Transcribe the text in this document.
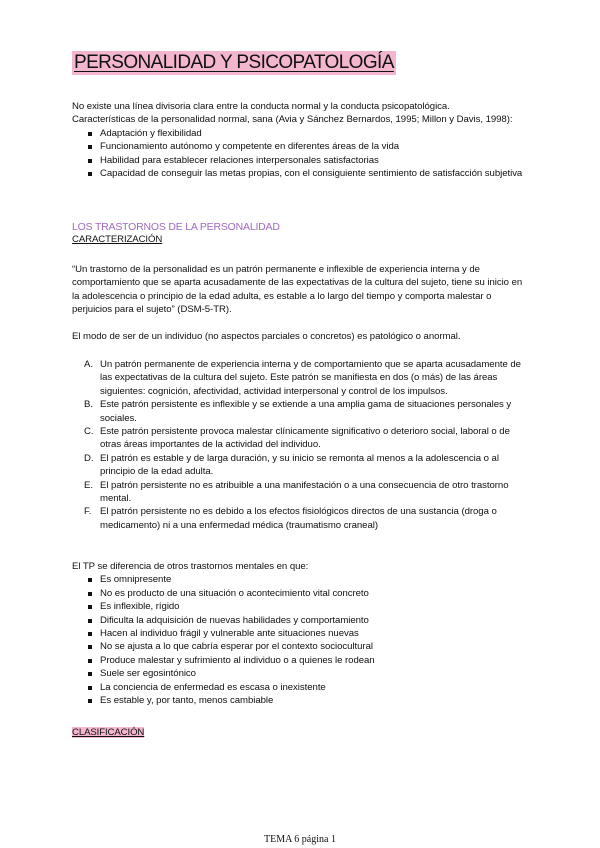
PERSONALIDAD Y PSICOPATOLOGÍA

No existe una línea divisoria clara entre la conducta normal y la conducta psicopatológica.

Características de la personalidad normal, sana (Avia y Sánchez Bernardos, 1995; Millon y Davis, 1998):

Adaptación y flexibilidad
Funcionamiento autónomo y competente en diferentes áreas de la vida
Habilidad para establecer relaciones interpersonales satisfactorias
Capacidad de conseguir las metas propias, con el consiguiente sentimiento de satisfacción subjetiva
LOS TRASTORNOS DE LA PERSONALIDAD
CARACTERIZACIÓN

“Un trastorno de la personalidad es un patrón permanente e inflexible de experiencia interna y de comportamiento que se aparta acusadamente de las expectativas de la cultura del sujeto, tiene su inicio en la adolescencia o principio de la edad adulta, es estable a lo largo del tiempo y comporta malestar o perjuicios para el sujeto” (DSM-5-TR).

El modo de ser de un individuo (no aspectos parciales o concretos) es patológico o anormal.

A. Un patrón permanente de experiencia interna y de comportamiento que se aparta acusadamente de las expectativas de la cultura del sujeto. Este patrón se manifiesta en dos (o más) de las áreas siguientes: cognición, afectividad, actividad interpersonal y control de los impulsos.
B. Este patrón persistente es inflexible y se extiende a una amplia gama de situaciones personales y sociales.
C. Este patrón persistente provoca malestar clínicamente significativo o deterioro social, laboral o de otras áreas importantes de la actividad del individuo.
D. El patrón es estable y de larga duración, y su inicio se remonta al menos a la adolescencia o al principio de la edad adulta.
E. El patrón persistente no es atribuible a una manifestación o a una consecuencia de otro trastorno mental.
F. El patrón persistente no es debido a los efectos fisiológicos directos de una sustancia (droga o medicamento) ni a una enfermedad médica (traumatismo craneal)

El TP se diferencia de otros trastornos mentales en que:

Es omnipresente
No es producto de una situación o acontecimiento vital concreto
Es inflexible, rígido
Dificulta la adquisición de nuevas habilidades y comportamiento
Hacen al individuo frágil y vulnerable ante situaciones nuevas
No se ajusta a lo que cabría esperar por el contexto sociocultural
Produce malestar y sufrimiento al individuo o a quienes le rodean
Suele ser egosintónico
La conciencia de enfermedad es escasa o inexistente
Es estable y, por tanto, menos cambiable
CLASIFICACIÓN
TEMA 6 página 1
